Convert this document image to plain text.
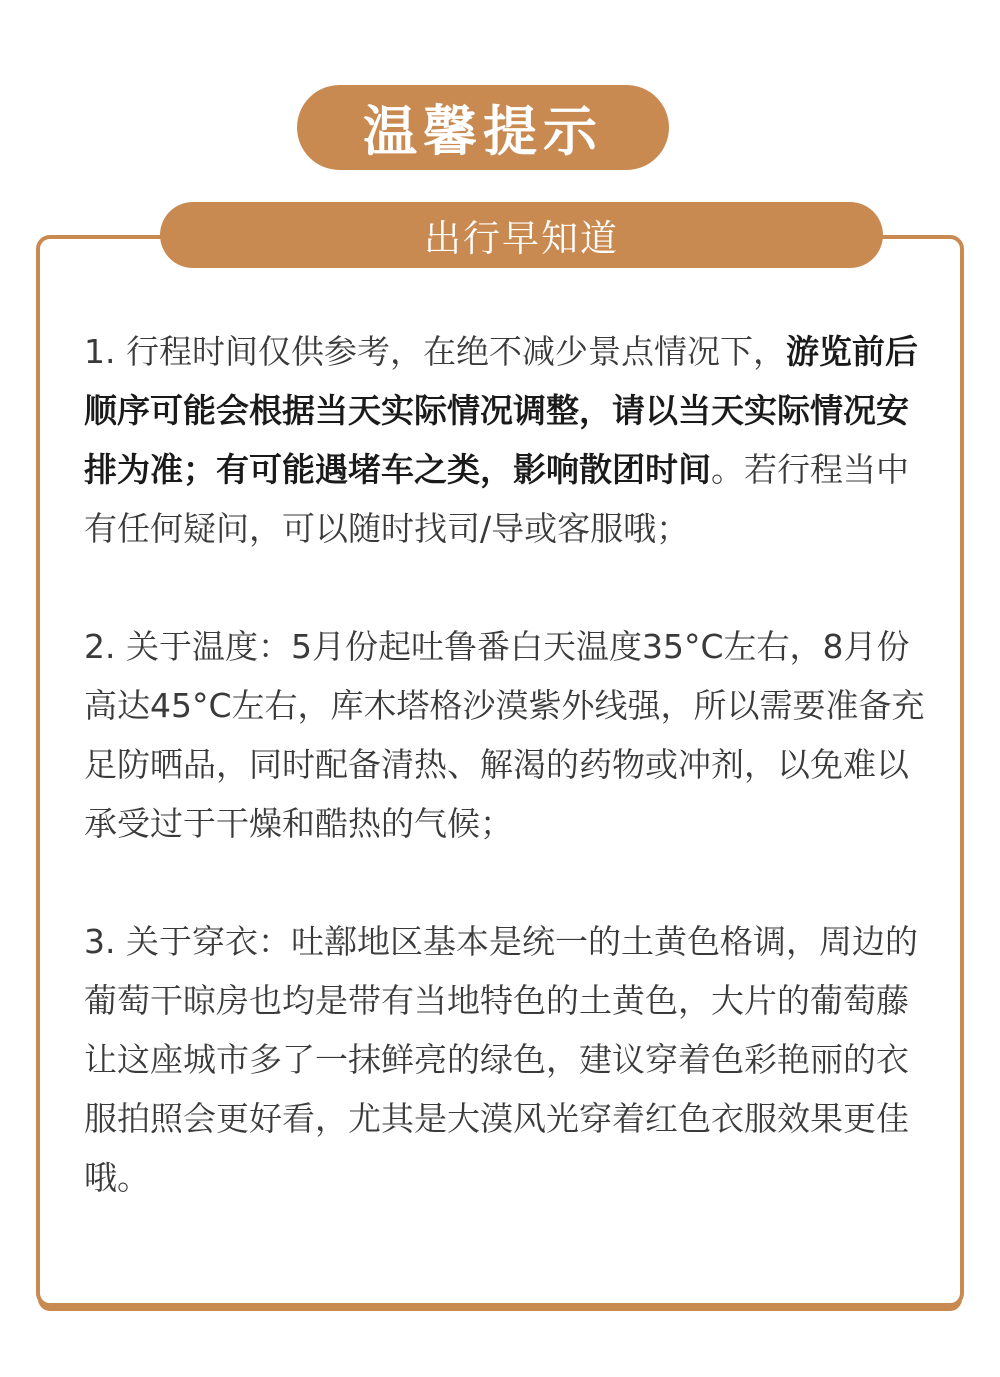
温馨提示
出行早知道

1. 行程时间仅供参考，在绝不减少景点情况下，游览前后顺序可能会根据当天实际情况调整，请以当天实际情况安排为准；有可能遇堵车之类，影响散团时间。若行程当中有任何疑问，可以随时找司/导或客服哦；

2. 关于温度：5月份起吐鲁番白天温度35°C左右，8月份高达45°C左右，库木塔格沙漠紫外线强，所以需要准备充足防晒品，同时配备清热、解渴的药物或冲剂，以免难以承受过于干燥和酷热的气候；

3. 关于穿衣：吐鄯地区基本是统一的土黄色格调，周边的葡萄干晾房也均是带有当地特色的土黄色，大片的葡萄藤让这座城市多了一抹鲜亮的绿色，建议穿着色彩艳丽的衣服拍照会更好看，尤其是大漠风光穿着红色衣服效果更佳哦。
